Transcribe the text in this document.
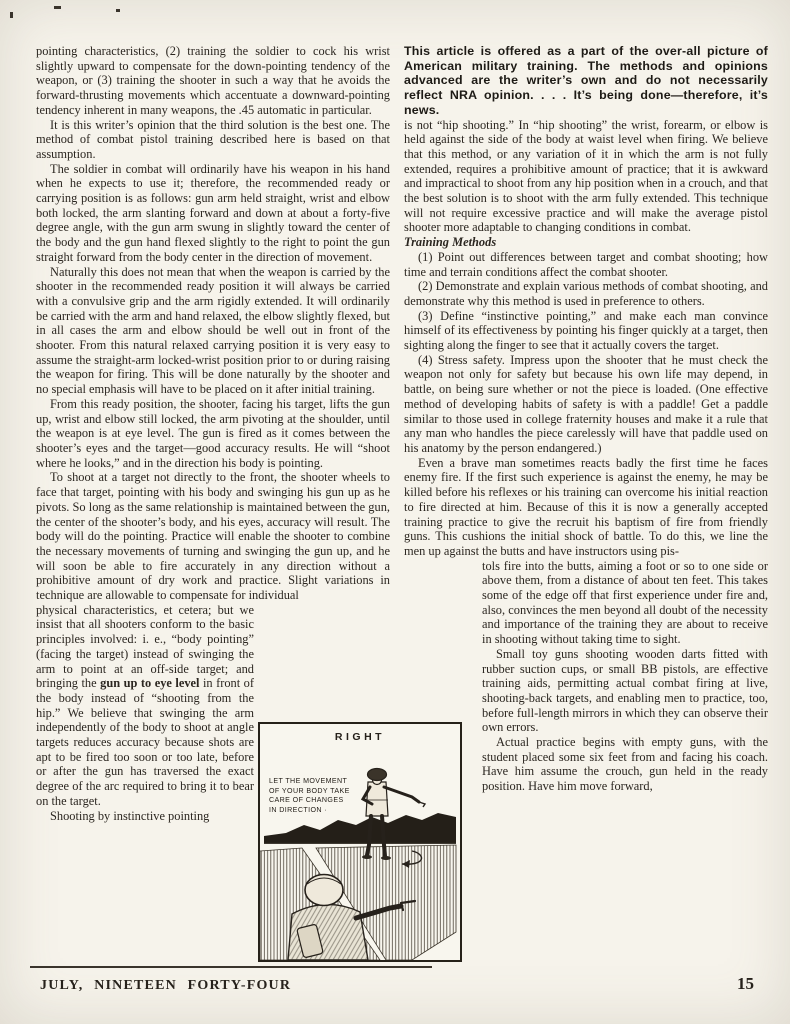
pointing characteristics, (2) training the soldier to cock his wrist slightly upward to compensate for the down-pointing tendency of the weapon, or (3) training the shooter in such a way that he avoids the forward-thrusting movements which accentuate a downward-pointing tendency inherent in many weapons, the .45 automatic in particular.

It is this writer’s opinion that the third solution is the best one. The method of combat pistol training described here is based on that assumption.

The soldier in combat will ordinarily have his weapon in his hand when he expects to use it; therefore, the recommended ready or carrying position is as follows: gun arm held straight, wrist and elbow both locked, the arm slanting forward and down at about a forty-five degree angle, with the gun arm swung in slightly toward the center of the body and the gun hand flexed slightly to the right to point the gun straight forward from the body center in the direction of movement.

Naturally this does not mean that when the weapon is carried by the shooter in the recommended ready position it will always be carried with a convulsive grip and the arm rigidly extended. It will ordinarily be carried with the arm and hand relaxed, the elbow slightly flexed, but in all cases the arm and elbow should be well out in front of the shooter. From this natural relaxed carrying position it is very easy to assume the straight-arm locked-wrist position prior to or during raising the weapon for firing. This will be done naturally by the shooter and no special emphasis will have to be placed on it after initial training.

From this ready position, the shooter, facing his target, lifts the gun up, wrist and elbow still locked, the arm pivoting at the shoulder, until the weapon is at eye level. The gun is fired as it comes between the shooter’s eyes and the target—good accuracy results. He will “shoot where he looks,” and in the direction his body is pointing.

To shoot at a target not directly to the front, the shooter wheels to face that target, pointing with his body and swinging his gun up as he pivots. So long as the same relationship is maintained between the gun, the center of the shooter’s body, and his eyes, accuracy will result. The body will do the pointing. Practice will enable the shooter to combine the necessary movements of turning and swinging the gun up, and he will soon be able to fire accurately in any direction without a prohibitive amount of dry work and practice. Slight variations in technique are allowable to compensate for individual

physical characteristics, et cetera; but we insist that all shooters conform to the basic principles involved: i. e., “body pointing” (facing the target) instead of swinging the arm to point at an off-side target; and bringing the gun up to eye level in front of the body instead of “shooting from the hip.” We believe that swinging the arm independently of the body to shoot at angle targets reduces accuracy because shots are apt to be fired too soon or too late, before or after the gun has traversed the exact degree of the arc required to bring it to bear on the target.

Shooting by instinctive pointing

This article is offered as a part of the over-all picture of American military training. The methods and opinions advanced are the writer’s own and do not necessarily reflect NRA opinion. . . . It’s being done—therefore, it’s news.

is not “hip shooting.” In “hip shooting” the wrist, forearm, or elbow is held against the side of the body at waist level when firing. We believe that this method, or any variation of it in which the arm is not fully extended, requires a prohibitive amount of practice; that it is awkward and impractical to shoot from any hip position when in a crouch, and that the best solution is to shoot with the arm fully extended. This technique will not require excessive practice and will make the average pistol shooter more adaptable to changing conditions in combat.

Training Methods

(1) Point out differences between target and combat shooting; how time and terrain conditions affect the combat shooter.

(2) Demonstrate and explain various methods of combat shooting, and demonstrate why this method is used in preference to others.

(3) Define “instinctive pointing,” and make each man convince himself of its effectiveness by pointing his finger quickly at a target, then sighting along the finger to see that it actually covers the target.

(4) Stress safety. Impress upon the shooter that he must check the weapon not only for safety but because his own life may depend, in battle, on being sure whether or not the piece is loaded. (One effective method of developing habits of safety is with a paddle! Get a paddle similar to those used in college fraternity houses and make it a rule that any man who handles the piece carelessly will have that paddle used on his anatomy by the person endangered.)

Even a brave man sometimes reacts badly the first time he faces enemy fire. If the first such experience is against the enemy, he may be killed before his reflexes or his training can overcome his initial reaction to fire directed at him. Because of this it is now a generally accepted training practice to give the recruit his baptism of fire from friendly guns. This cushions the initial shock of battle. To do this, we line the men up against the butts and have instructors using pis-

tols fire into the butts, aiming a foot or so to one side or above them, from a distance of about ten feet. This takes some of the edge off that first experience under fire and, also, convinces the men beyond all doubt of the necessity and importance of the training they are about to receive in shooting without taking time to sight.

Small toy guns shooting wooden darts fitted with rubber suction cups, or small BB pistols, are effective training aids, permitting actual combat firing at live, shooting-back targets, and enabling men to practice, too, before full-length mirrors in which they can observe their own errors.

Actual practice begins with empty guns, with the student placed some six feet from and facing his coach. Have him assume the crouch, gun held in the ready position. Have him move forward,

RIGHT
LET THE MOVEMENT
OF YOUR BODY TAKE
CARE OF CHANGES
IN DIRECTION ·
JULY, NINETEEN FORTY-FOUR	15
